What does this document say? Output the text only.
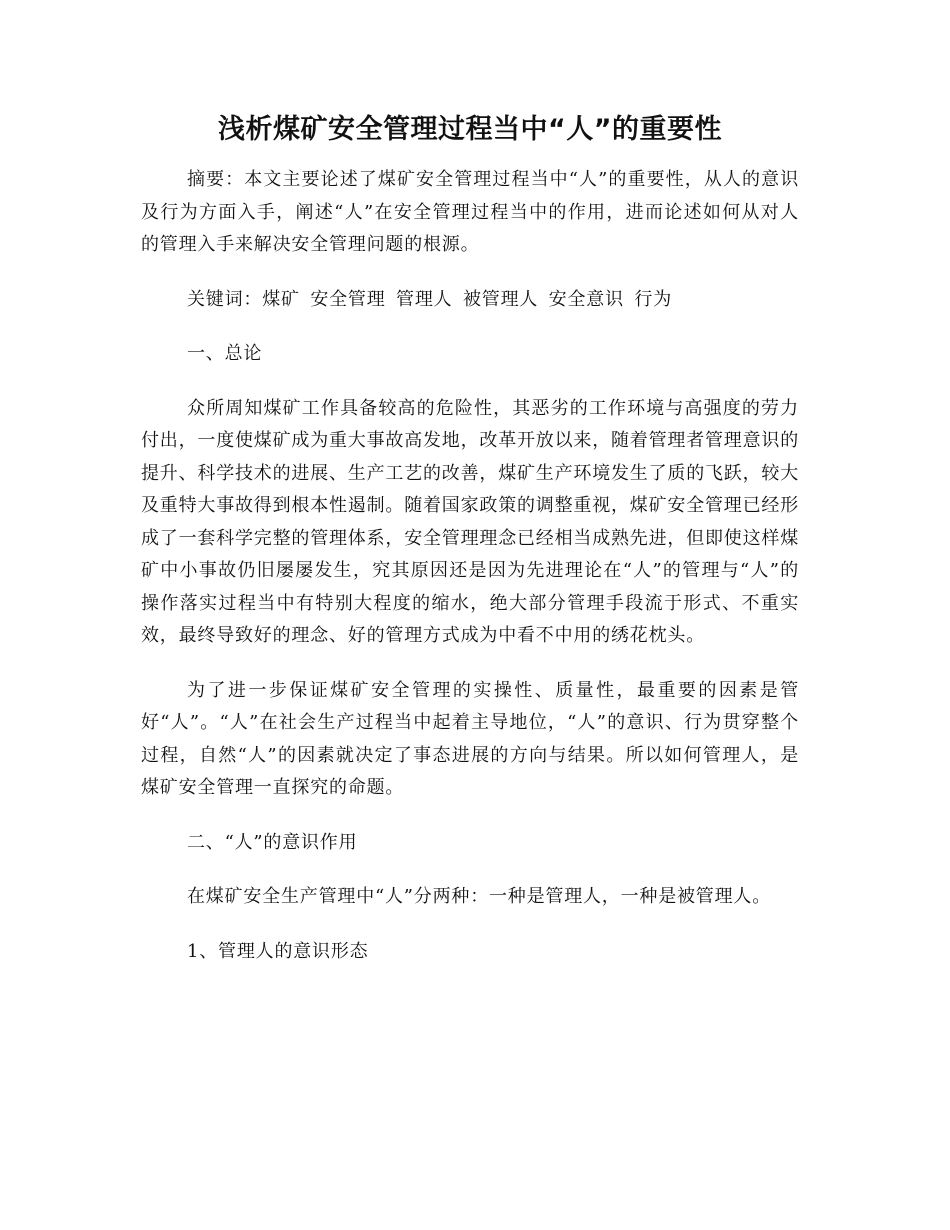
浅析煤矿安全管理过程当中“人”的重要性

摘要：本文主要论述了煤矿安全管理过程当中“人”的重要性，从人的意识及行为方面入手，阐述“人”在安全管理过程当中的作用，进而论述如何从对人的管理入手来解决安全管理问题的根源。

关键词：煤矿 安全管理 管理人 被管理人 安全意识 行为

一、总论

众所周知煤矿工作具备较高的危险性，其恶劣的工作环境与高强度的劳力付出，一度使煤矿成为重大事故高发地，改革开放以来，随着管理者管理意识的提升、科学技术的进展、生产工艺的改善，煤矿生产环境发生了质的飞跃，较大及重特大事故得到根本性遏制。随着国家政策的调整重视，煤矿安全管理已经形成了一套科学完整的管理体系，安全管理理念已经相当成熟先进，但即使这样煤矿中小事故仍旧屡屡发生，究其原因还是因为先进理论在“人”的管理与“人”的操作落实过程当中有特别大程度的缩水，绝大部分管理手段流于形式、不重实效，最终导致好的理念、好的管理方式成为中看不中用的绣花枕头。

为了进一步保证煤矿安全管理的实操性、质量性，最重要的因素是管好“人”。“人”在社会生产过程当中起着主导地位，“人”的意识、行为贯穿整个过程，自然“人”的因素就决定了事态进展的方向与结果。所以如何管理人，是煤矿安全管理一直探究的命题。

二、“人”的意识作用

在煤矿安全生产管理中“人”分两种：一种是管理人，一种是被管理人。

1、管理人的意识形态
